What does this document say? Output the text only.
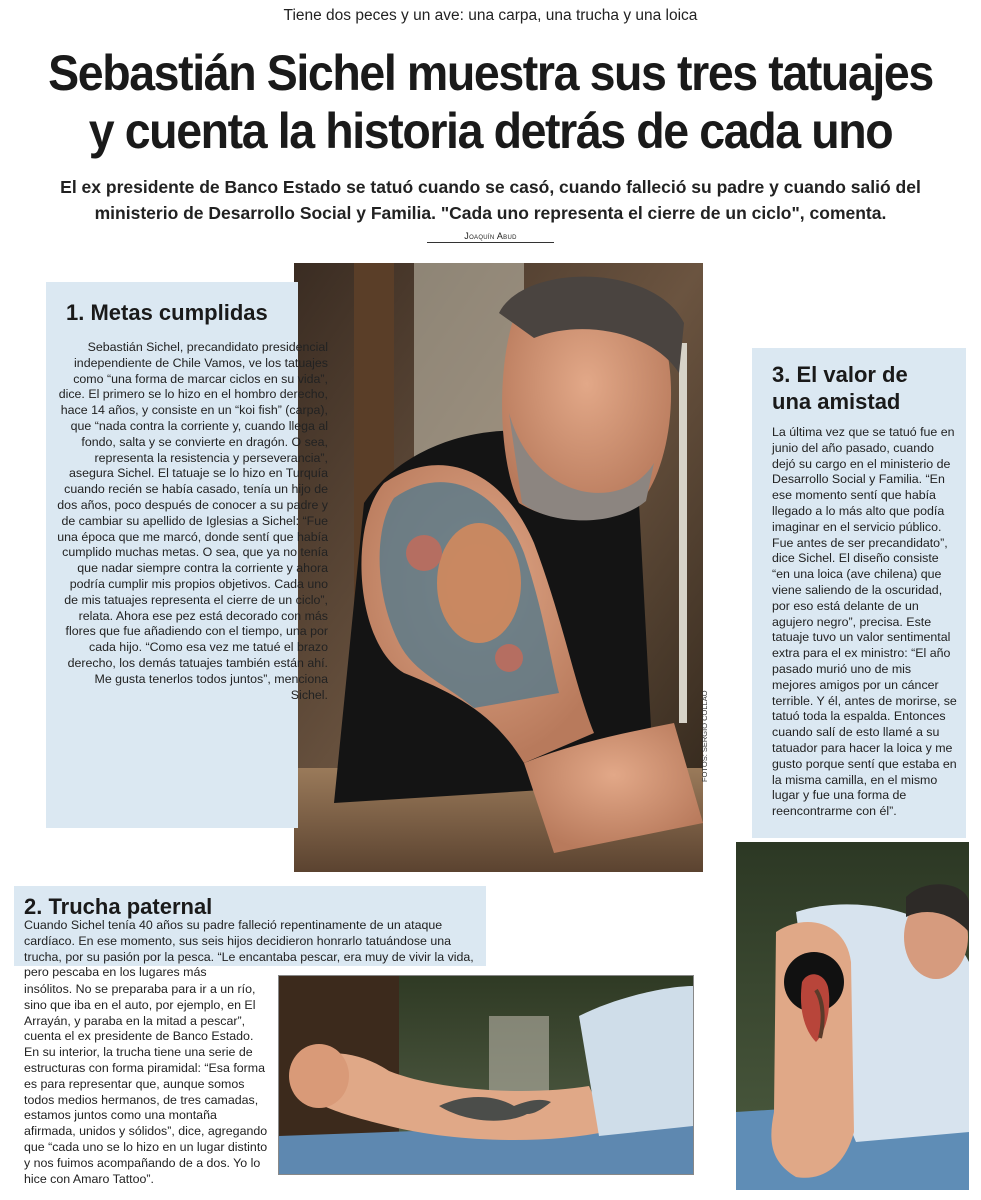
Tiene dos peces y un ave: una carpa, una trucha y una loica
Sebastián Sichel muestra sus tres tatuajes
y cuenta la historia detrás de cada uno
El ex presidente de Banco Estado se tatuó cuando se casó, cuando falleció su padre y cuando salió del ministerio de Desarrollo Social y Familia. "Cada uno representa el cierre de un ciclo", comenta.
Joaquín Abud
FOTOS: SERGIO COLLAO
1. Metas cumplidas

Sebastián Sichel, precandidato presidencial independiente de Chile Vamos, ve los tatuajes como “una forma de marcar ciclos en su vida”, dice. El primero se lo hizo en el hombro derecho, hace 14 años, y consiste en un “koi fish” (carpa), que “nada contra la corriente y, cuando llega al fondo, salta y se convierte en dragón. O sea, representa la resistencia y perseverancia”, asegura Sichel. El tatuaje se lo hizo en Turquía cuando recién se había casado, tenía un hijo de dos años, poco después de conocer a su padre y de cambiar su apellido de Iglesias a Sichel: “Fue una época que me marcó, donde sentí que había cumplido muchas metas. O sea, que ya no tenía que nadar siempre contra la corriente y ahora podría cumplir mis propios objetivos. Cada uno de mis tatuajes representa el cierre de un ciclo”, relata. Ahora ese pez está decorado con más flores que fue añadiendo con el tiempo, una por cada hijo. “Como esa vez me tatué el brazo derecho, los demás tatuajes también están ahí. Me gusta tenerlos todos juntos”, menciona Sichel.

3. El valor de
una amistad

La última vez que se tatuó fue en junio del año pasado, cuando dejó su cargo en el ministerio de Desarrollo Social y Familia. “En ese momento sentí que había llegado a lo más alto que podía imaginar en el servicio público. Fue antes de ser precandidato”, dice Sichel. El diseño consiste “en una loica (ave chilena) que viene saliendo de la oscuridad, por eso está delante de un agujero negro”, precisa. Este tatuaje tuvo un valor sentimental extra para el ex ministro: “El año pasado murió uno de mis mejores amigos por un cáncer terrible. Y él, antes de morirse, se tatuó toda la espalda. Entonces cuando salí de esto llamé a su tatuador para hacer la loica y me gusto porque sentí que estaba en la misma camilla, en el mismo lugar y fue una forma de reencontrarme con él”.

2. Trucha paternal

Cuando Sichel tenía 40 años su padre falleció repentinamente de un ataque cardíaco. En ese momento, sus seis hijos decidieron honrarlo tatuándose una trucha, por su pasión por la pesca. “Le encantaba pescar, era muy de vivir la vida, pero pescaba en los lugares más

insólitos. No se preparaba para ir a un río, sino que iba en el auto, por ejemplo, en El Arrayán, y paraba en la mitad a pescar”, cuenta el ex presidente de Banco Estado. En su interior, la trucha tiene una serie de estructuras con forma piramidal: “Esa forma es para representar que, aunque somos todos medios hermanos, de tres camadas, estamos juntos como una montaña afirmada, unidos y sólidos”, dice, agregando que “cada uno se lo hizo en un lugar distinto y nos fuimos acompañando de a dos. Yo lo hice con Amaro Tattoo”.
